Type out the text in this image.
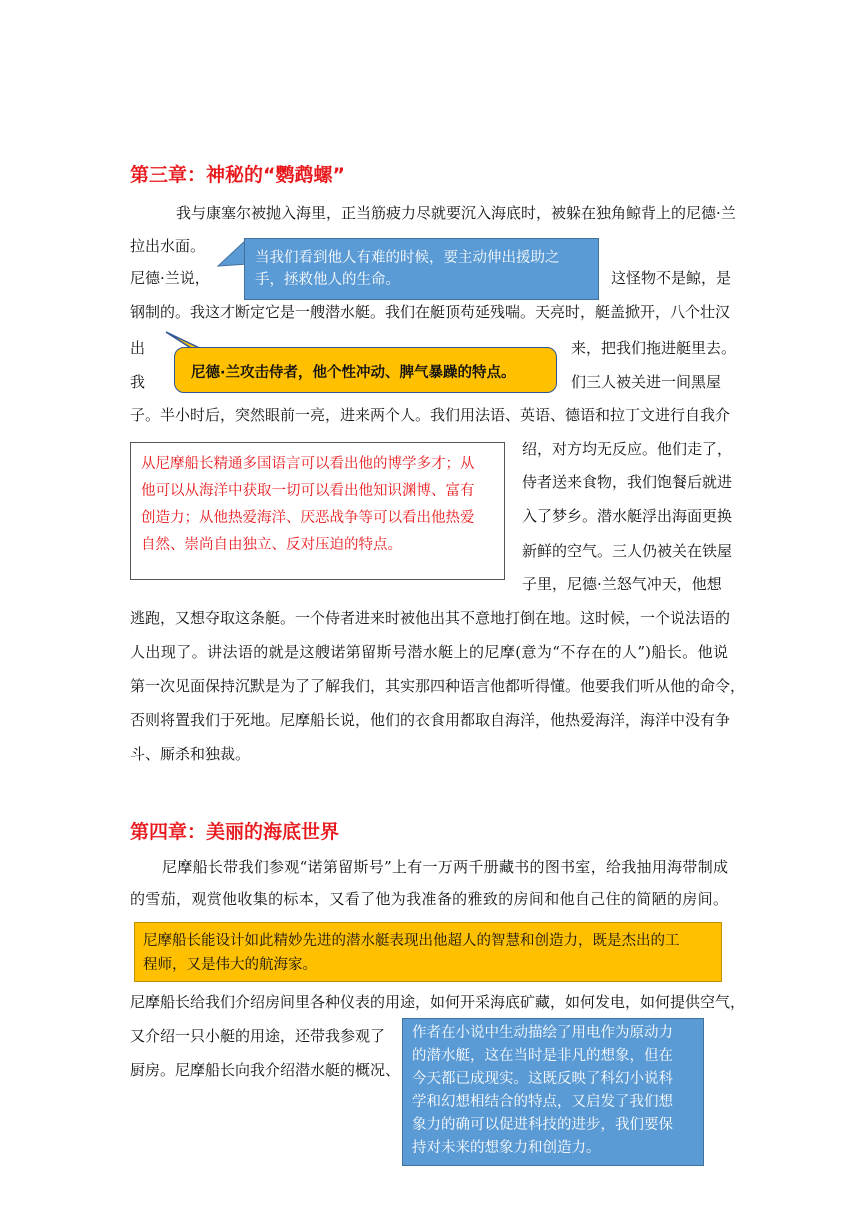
第三章：神秘的“鹦鹉螺”
我与康塞尔被抛入海里，正当筋疲力尽就要沉入海底时，被躲在独角鲸背上的尼德·兰
拉出水面。
尼德·兰说，	这怪物不是鲸，是
钢制的。我这才断定它是一艘潜水艇。我们在艇顶苟延残喘。天亮时，艇盖掀开，八个壮汉
出	来，把我们拖进艇里去。
我	们三人被关进一间黑屋
子。半小时后，突然眼前一亮，进来两个人。我们用法语、英语、德语和拉丁文进行自我介
绍，对方均无反应。他们走了，
侍者送来食物，我们饱餐后就进
入了梦乡。潜水艇浮出海面更换
新鲜的空气。三人仍被关在铁屋
子里，尼德·兰怒气冲天，他想
逃跑，又想夺取这条艇。一个侍者进来时被他出其不意地打倒在地。这时候，一个说法语的
人出现了。讲法语的就是这艘诺第留斯号潜水艇上的尼摩(意为“不存在的人”)船长。他说
第一次见面保持沉默是为了了解我们，其实那四种语言他都听得懂。他要我们听从他的命令，
否则将置我们于死地。尼摩船长说，他们的衣食用都取自海洋，他热爱海洋，海洋中没有争
斗、厮杀和独裁。
当我们看到他人有难的时候，要主动伸出援助之
手，拯救他人的生命。
尼德·兰攻击侍者，他个性冲动、脾气暴躁的特点。
从尼摩船长精通多国语言可以看出他的博学多才；从
他可以从海洋中获取一切可以看出他知识渊博、富有
创造力；从他热爱海洋、厌恶战争等可以看出他热爱
自然、崇尚自由独立、反对压迫的特点。
第四章：美丽的海底世界
尼摩船长带我们参观“诺第留斯号”上有一万两千册藏书的图书室，给我抽用海带制成
的雪茄，观赏他收集的标本，又看了他为我准备的雅致的房间和他自己住的简陋的房间。
尼摩船长能设计如此精妙先进的潜水艇表现出他超人的智慧和创造力，既是杰出的工
程师，又是伟大的航海家。
尼摩船长给我们介绍房间里各种仪表的用途，如何开采海底矿藏，如何发电，如何提供空气，
又介绍一只小艇的用途，还带我参观了
厨房。尼摩船长向我介绍潜水艇的概况、
作者在小说中生动描绘了用电作为原动力
的潜水艇，这在当时是非凡的想象，但在
今天都已成现实。这既反映了科幻小说科
学和幻想相结合的特点，又启发了我们想
象力的确可以促进科技的进步，我们要保
持对未来的想象力和创造力。
